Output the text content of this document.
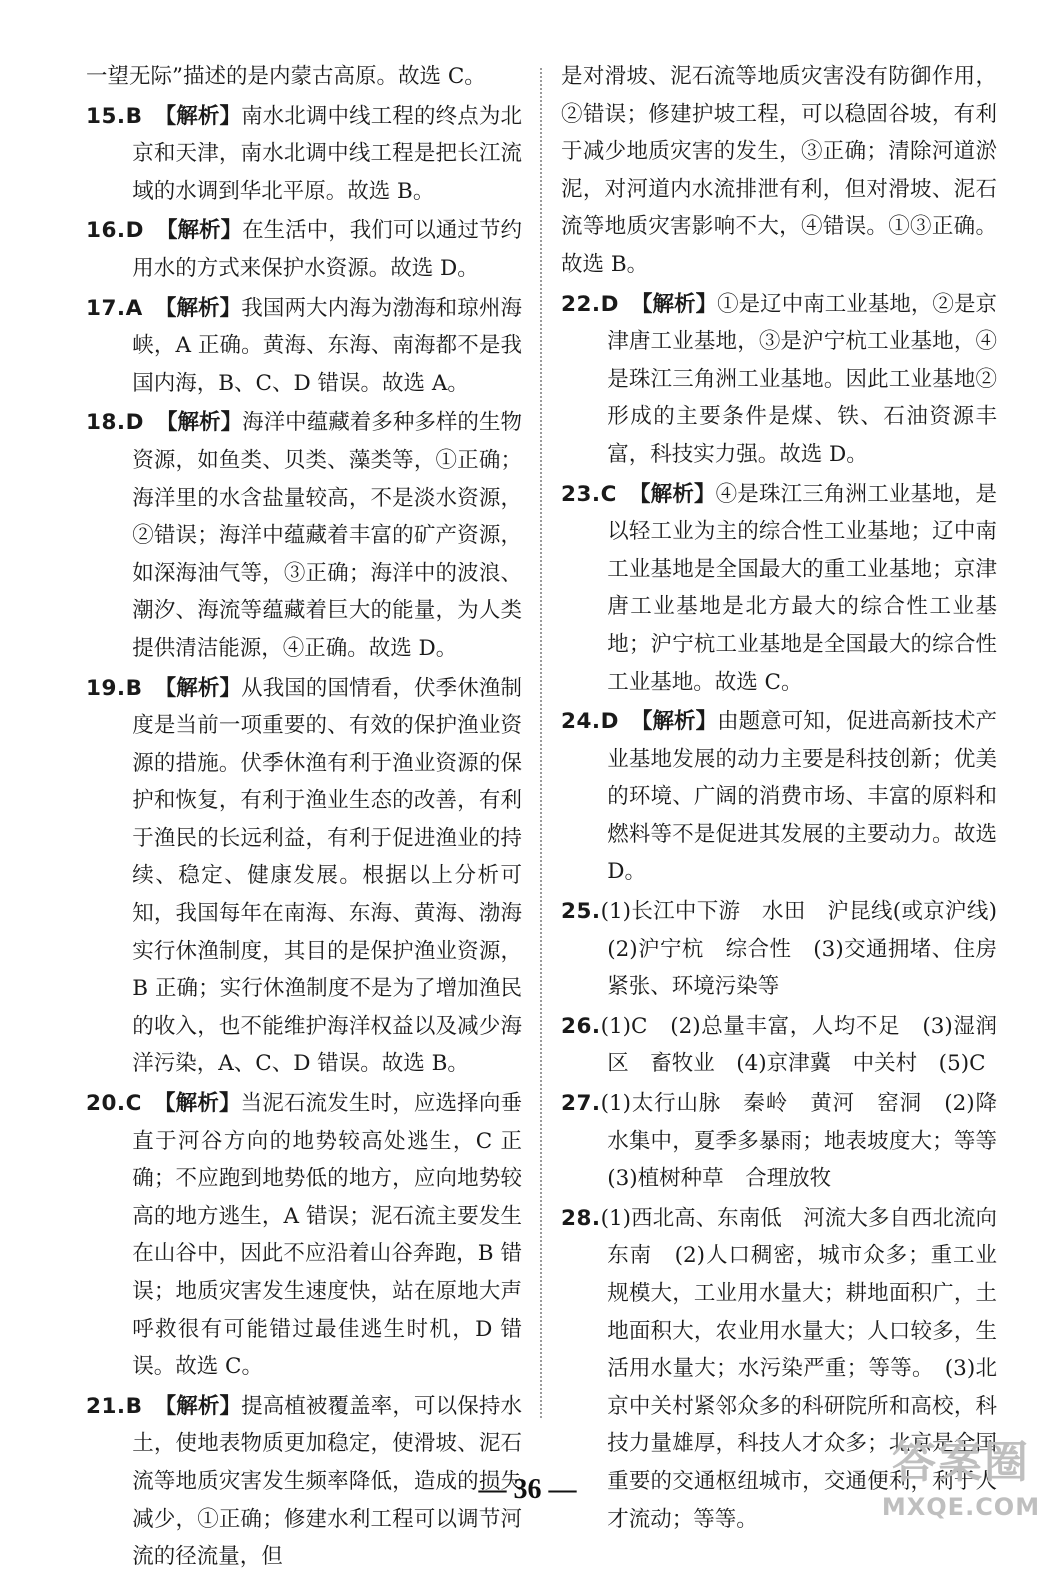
一望无际”描述的是内蒙古高原。故选 C。
15.B 【解析】南水北调中线工程的终点为北京和天津，南水北调中线工程是把长江流域的水调到华北平原。故选 B。
16.D 【解析】在生活中，我们可以通过节约用水的方式来保护水资源。故选 D。
17.A 【解析】我国两大内海为渤海和琼州海峡，A 正确。黄海、东海、南海都不是我国内海，B、C、D 错误。故选 A。
18.D 【解析】海洋中蕴藏着多种多样的生物资源，如鱼类、贝类、藻类等，①正确；海洋里的水含盐量较高，不是淡水资源，②错误；海洋中蕴藏着丰富的矿产资源，如深海油气等，③正确；海洋中的波浪、潮汐、海流等蕴藏着巨大的能量，为人类提供清洁能源，④正确。故选 D。
19.B 【解析】从我国的国情看，伏季休渔制度是当前一项重要的、有效的保护渔业资源的措施。伏季休渔有利于渔业资源的保护和恢复，有利于渔业生态的改善，有利于渔民的长远利益，有利于促进渔业的持续、稳定、健康发展。根据以上分析可知，我国每年在南海、东海、黄海、渤海实行休渔制度，其目的是保护渔业资源，B 正确；实行休渔制度不是为了增加渔民的收入，也不能维护海洋权益以及减少海洋污染，A、C、D 错误。故选 B。
20.C 【解析】当泥石流发生时，应选择向垂直于河谷方向的地势较高处逃生，C 正确；不应跑到地势低的地方，应向地势较高的地方逃生，A 错误；泥石流主要发生在山谷中，因此不应沿着山谷奔跑，B 错误；地质灾害发生速度快，站在原地大声呼救很有可能错过最佳逃生时机，D 错误。故选 C。
21.B 【解析】提高植被覆盖率，可以保持水土，使地表物质更加稳定，使滑坡、泥石流等地质灾害发生频率降低，造成的损失减少，①正确；修建水利工程可以调节河流的径流量，但
是对滑坡、泥石流等地质灾害没有防御作用，②错误；修建护坡工程，可以稳固谷坡，有利于减少地质灾害的发生，③正确；清除河道淤泥，对河道内水流排泄有利，但对滑坡、泥石流等地质灾害影响不大，④错误。①③正确。故选 B。
22.D 【解析】①是辽中南工业基地，②是京津唐工业基地，③是沪宁杭工业基地，④是珠江三角洲工业基地。因此工业基地②形成的主要条件是煤、铁、石油资源丰富，科技实力强。故选 D。
23.C 【解析】④是珠江三角洲工业基地，是以轻工业为主的综合性工业基地；辽中南工业基地是全国最大的重工业基地；京津唐工业基地是北方最大的综合性工业基地；沪宁杭工业基地是全国最大的综合性工业基地。故选 C。
24.D 【解析】由题意可知，促进高新技术产业基地发展的动力主要是科技创新；优美的环境、广阔的消费市场、丰富的原料和燃料等不是促进其发展的主要动力。故选 D。
25.(1)长江中下游　水田　沪昆线(或京沪线)　(2)沪宁杭　综合性　(3)交通拥堵、住房紧张、环境污染等
26.(1)C　(2)总量丰富，人均不足　(3)湿润区　畜牧业　(4)京津冀　中关村　(5)C
27.(1)太行山脉　秦岭　黄河　窑洞　(2)降水集中，夏季多暴雨；地表坡度大；等等　(3)植树种草　合理放牧
28.(1)西北高、东南低　河流大多自西北流向东南　(2)人口稠密，城市众多；重工业规模大，工业用水量大；耕地面积广，土地面积大，农业用水量大；人口较多，生活用水量大；水污染严重；等等。　(3)北京中关村紧邻众多的科研院所和高校，科技力量雄厚，科技人才众多；北京是全国重要的交通枢纽城市，交通便利，利于人才流动；等等。
— 36 —
答案圈
MXQE.COM
